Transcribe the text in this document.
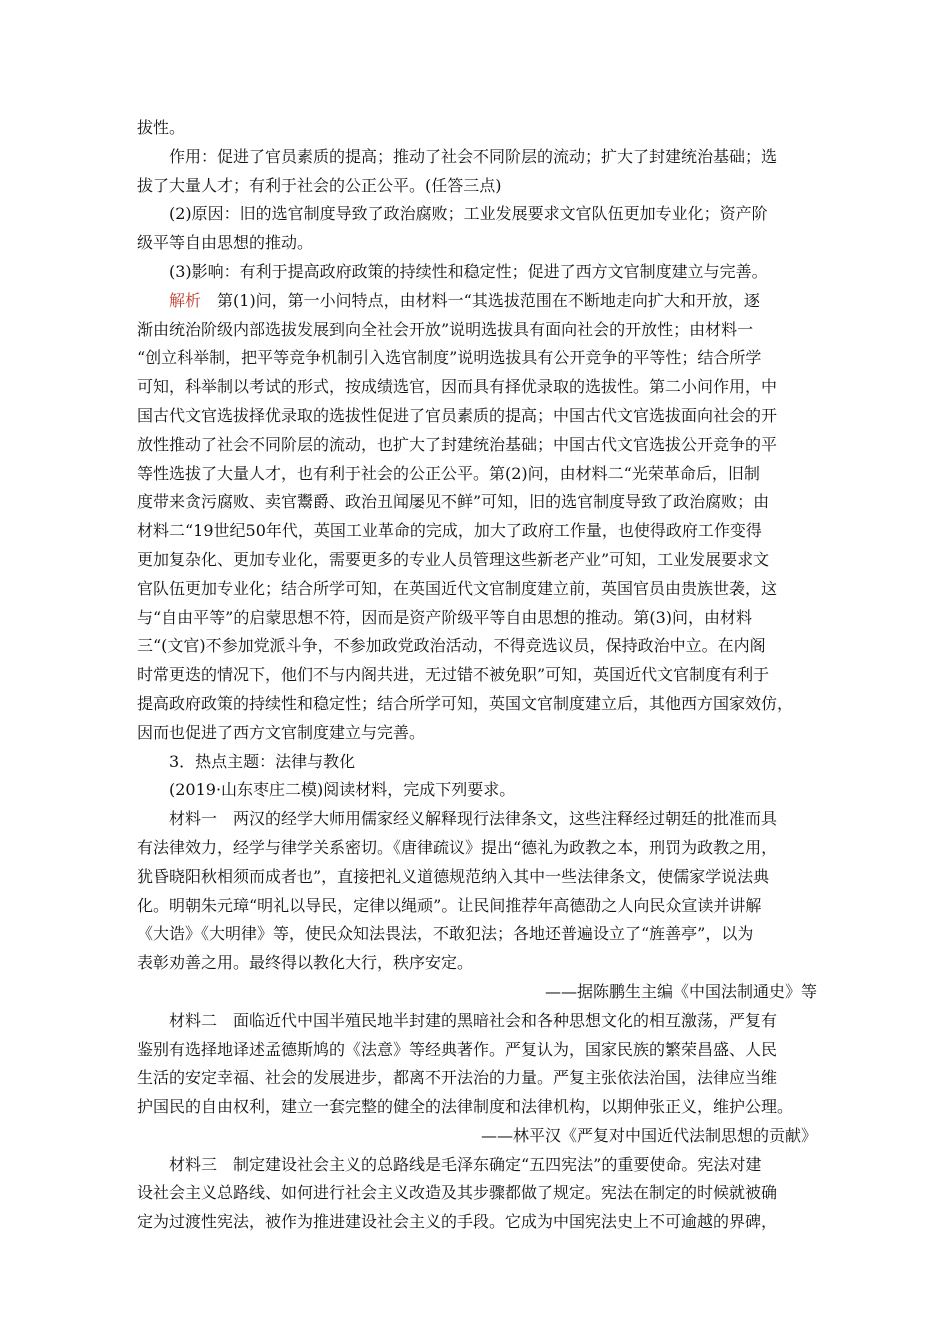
拔性。
作用：促进了官员素质的提高；推动了社会不同阶层的流动；扩大了封建统治基础；选
拔了大量人才；有利于社会的公正公平。(任答三点)
(2)原因：旧的选官制度导致了政治腐败；工业发展要求文官队伍更加专业化；资产阶
级平等自由思想的推动。
(3)影响：有利于提高政府政策的持续性和稳定性；促进了西方文官制度建立与完善。
解析　第(1)问，第一小问特点，由材料一“其选拔范围在不断地走向扩大和开放，逐
渐由统治阶级内部选拔发展到向全社会开放”说明选拔具有面向社会的开放性；由材料一
“创立科举制，把平等竞争机制引入选官制度”说明选拔具有公开竞争的平等性；结合所学
可知，科举制以考试的形式，按成绩选官，因而具有择优录取的选拔性。第二小问作用，中
国古代文官选拔择优录取的选拔性促进了官员素质的提高；中国古代文官选拔面向社会的开
放性推动了社会不同阶层的流动，也扩大了封建统治基础；中国古代文官选拔公开竞争的平
等性选拔了大量人才，也有利于社会的公正公平。第(2)问，由材料二“光荣革命后，旧制
度带来贪污腐败、卖官鬻爵、政治丑闻屡见不鲜”可知，旧的选官制度导致了政治腐败；由
材料二“19世纪50年代，英国工业革命的完成，加大了政府工作量，也使得政府工作变得
更加复杂化、更加专业化，需要更多的专业人员管理这些新老产业”可知，工业发展要求文
官队伍更加专业化；结合所学可知，在英国近代文官制度建立前，英国官员由贵族世袭，这
与“自由平等”的启蒙思想不符，因而是资产阶级平等自由思想的推动。第(3)问，由材料
三“(文官)不参加党派斗争，不参加政党政治活动，不得竞选议员，保持政治中立。在内阁
时常更迭的情况下，他们不与内阁共进，无过错不被免职”可知，英国近代文官制度有利于
提高政府政策的持续性和稳定性；结合所学可知，英国文官制度建立后，其他西方国家效仿，
因而也促进了西方文官制度建立与完善。
3．热点主题：法律与教化
(2019·山东枣庄二模)阅读材料，完成下列要求。
材料一　两汉的经学大师用儒家经义解释现行法律条文，这些注释经过朝廷的批准而具
有法律效力，经学与律学关系密切。《唐律疏议》提出“德礼为政教之本，刑罚为政教之用，
犹昏晓阳秋相须而成者也”，直接把礼义道德规范纳入其中一些法律条文，使儒家学说法典
化。明朝朱元璋“明礼以导民，定律以绳顽”。让民间推荐年高德劭之人向民众宣读并讲解
《大诰》《大明律》等，使民众知法畏法，不敢犯法；各地还普遍设立了“旌善亭”，以为
表彰劝善之用。最终得以教化大行，秩序安定。
——据陈鹏生主编《中国法制通史》等
材料二　面临近代中国半殖民地半封建的黑暗社会和各种思想文化的相互激荡，严复有
鉴别有选择地译述孟德斯鸠的《法意》等经典著作。严复认为，国家民族的繁荣昌盛、人民
生活的安定幸福、社会的发展进步，都离不开法治的力量。严复主张依法治国，法律应当维
护国民的自由权利，建立一套完整的健全的法律制度和法律机构，以期伸张正义，维护公理。
——林平汉《严复对中国近代法制思想的贡献》
材料三　制定建设社会主义的总路线是毛泽东确定“五四宪法”的重要使命。宪法对建
设社会主义总路线、如何进行社会主义改造及其步骤都做了规定。宪法在制定的时候就被确
定为过渡性宪法，被作为推进建设社会主义的手段。它成为中国宪法史上不可逾越的界碑，
